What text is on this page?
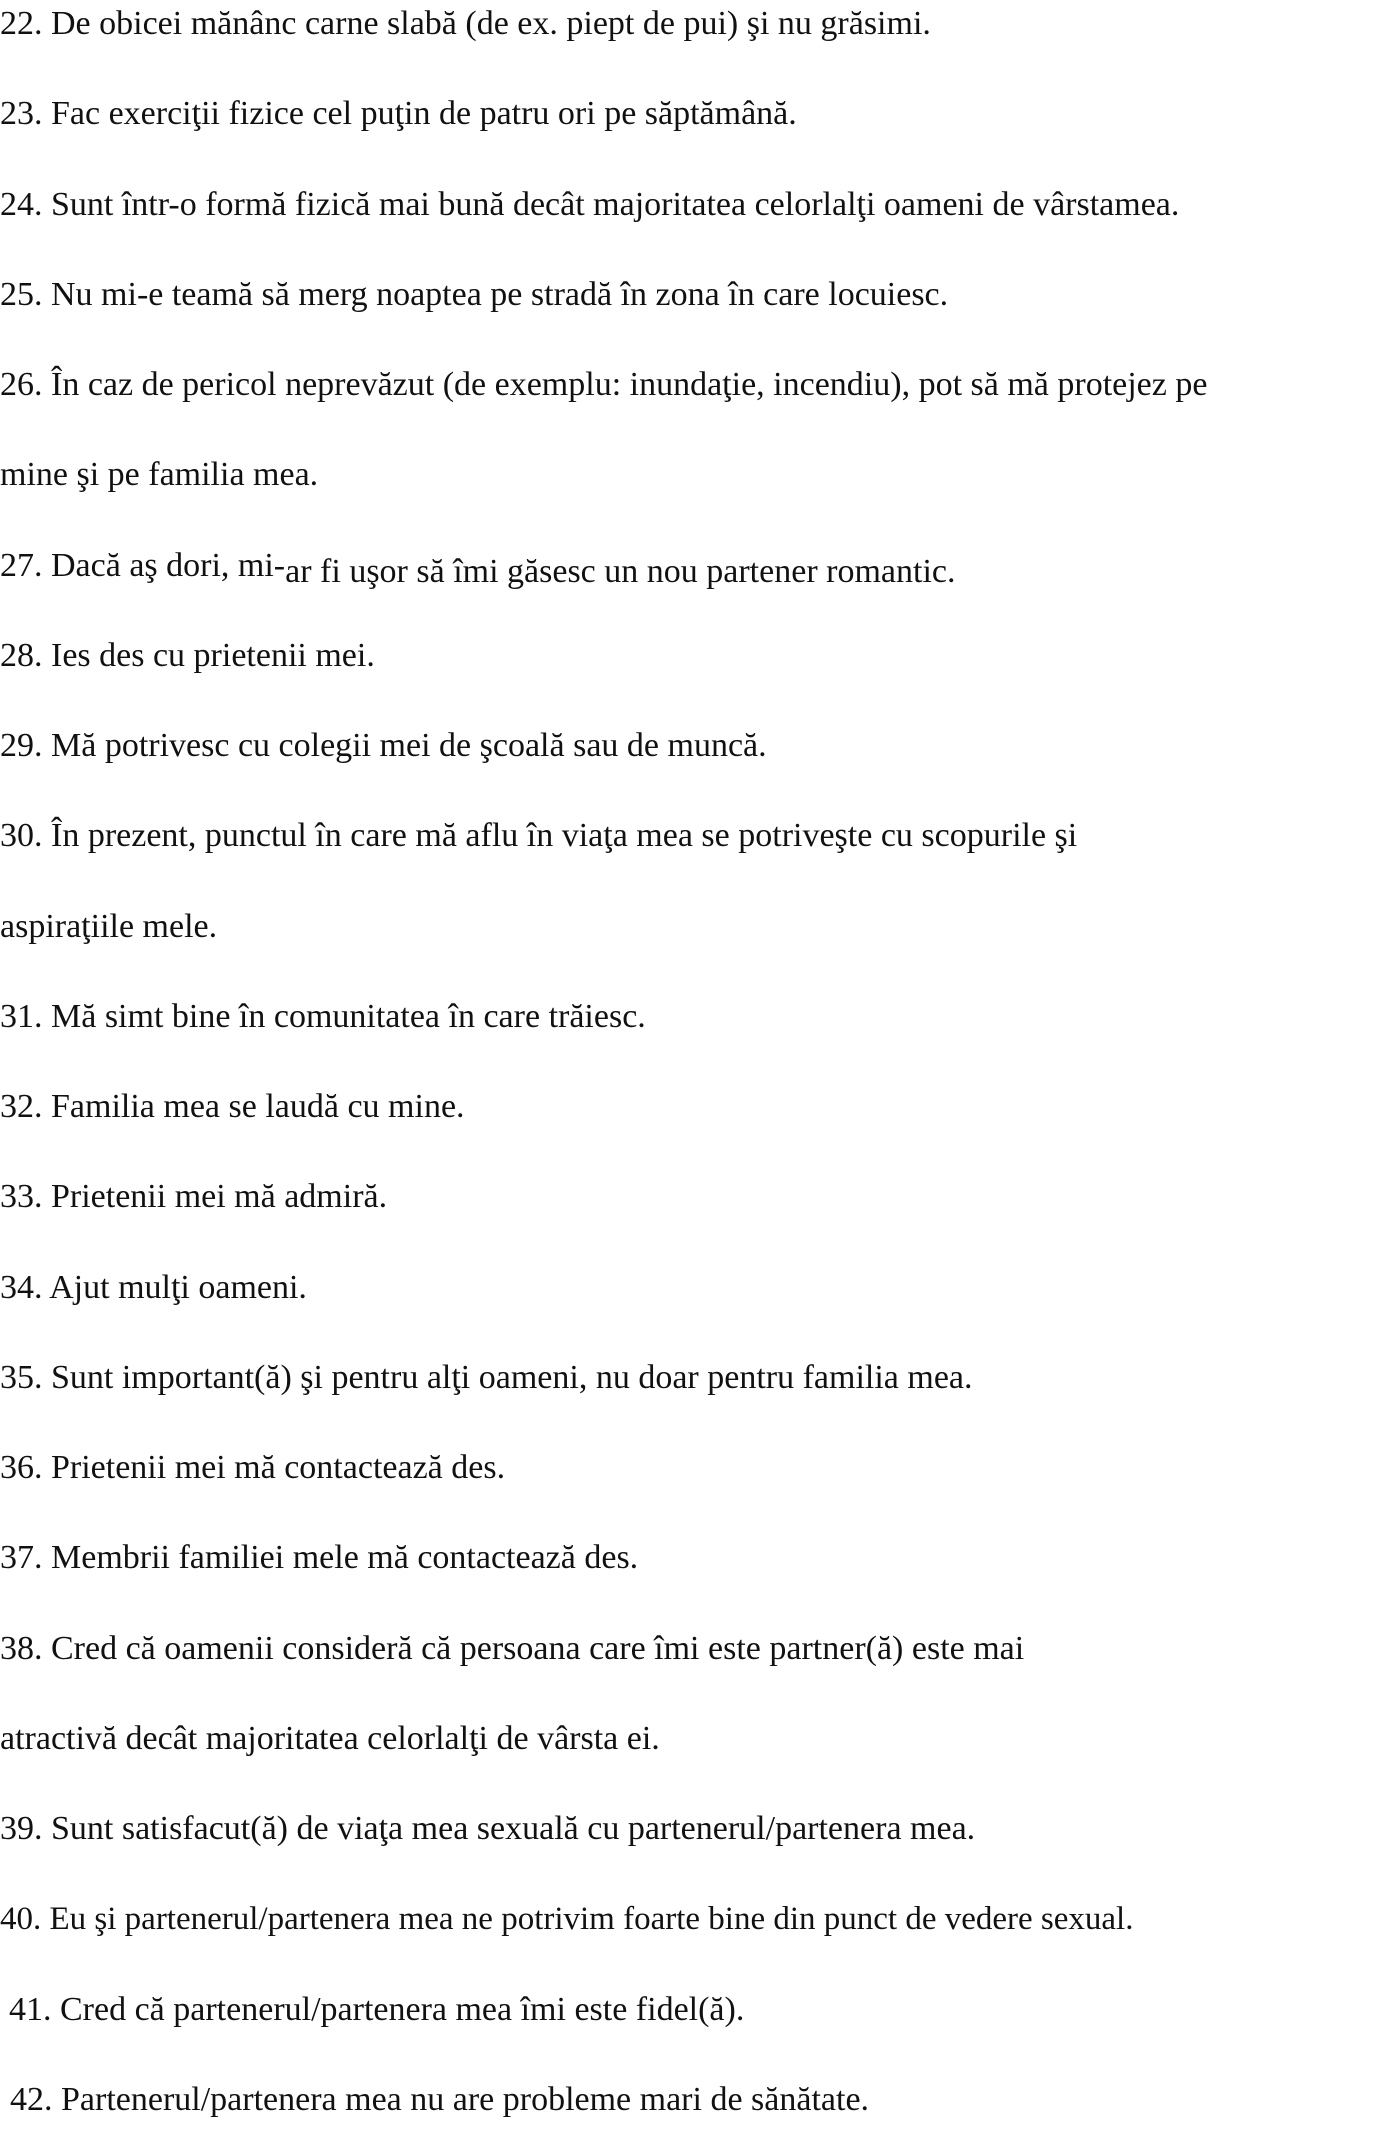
22. De obicei mănânc carne slabă (de ex. piept de pui) şi nu grăsimi.
23. Fac exerciţii fizice cel puţin de patru ori pe săptămână.
24. Sunt într-o formă fizică mai bună decât majoritatea celorlalţi oameni de vârstamea.
25. Nu mi-e teamă să merg noaptea pe stradă în zona în care locuiesc.
26. În caz de pericol neprevăzut (de exemplu: inundaţie, incendiu), pot să mă protejez pe
mine şi pe familia mea.
27. Dacă aş dori, mi-ar fi uşor să îmi găsesc un nou partener romantic.
28. Ies des cu prietenii mei.
29. Mă potrivesc cu colegii mei de şcoală sau de muncă.
30. În prezent, punctul în care mă aflu în viaţa mea se potriveşte cu scopurile şi
aspiraţiile mele.
31. Mă simt bine în comunitatea în care trăiesc.
32. Familia mea se laudă cu mine.
33. Prietenii mei mă admiră.
34. Ajut mulţi oameni.
35. Sunt important(ă) şi pentru alţi oameni, nu doar pentru familia mea.
36. Prietenii mei mă contactează des.
37. Membrii familiei mele mă contactează des.
38. Cred că oamenii consideră că persoana care îmi este partner(ă) este mai
atractivă decât majoritatea celorlalţi de vârsta ei.
39. Sunt satisfacut(ă) de viaţa mea sexuală cu partenerul/partenera mea.
40. Eu şi partenerul/partenera mea ne potrivim foarte bine din punct de vedere sexual.
41. Cred că partenerul/partenera mea îmi este fidel(ă).
42. Partenerul/partenera mea nu are probleme mari de sănătate.
